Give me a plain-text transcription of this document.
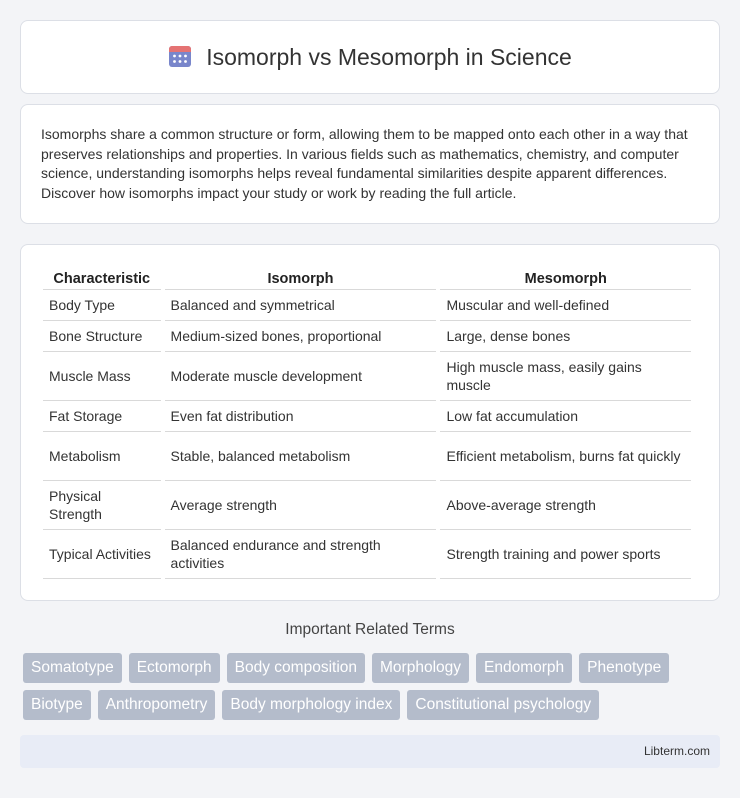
Isomorph vs Mesomorph in Science

Isomorphs share a common structure or form, allowing them to be mapped onto each other in a way that preserves relationships and properties. In various fields such as mathematics, chemistry, and computer science, understanding isomorphs helps reveal fundamental similarities despite apparent differences. Discover how isomorphs impact your study or work by reading the full article.

Characteristic	Isomorph	Mesomorph
Body Type	Balanced and symmetrical	Muscular and well-defined
Bone Structure	Medium-sized bones, proportional	Large, dense bones
Muscle Mass	Moderate muscle development	High muscle mass, easily gains muscle
Fat Storage	Even fat distribution	Low fat accumulation
Metabolism	Stable, balanced metabolism	Efficient metabolism, burns fat quickly
Physical Strength	Average strength	Above-average strength
Typical Activities	Balanced endurance and strength activities	Strength training and power sports
Important Related Terms
Somatotype	Ectomorph	Body composition	Morphology	Endomorph	Phenotype
Biotype	Anthropometry	Body morphology index	Constitutional psychology
Libterm.com
